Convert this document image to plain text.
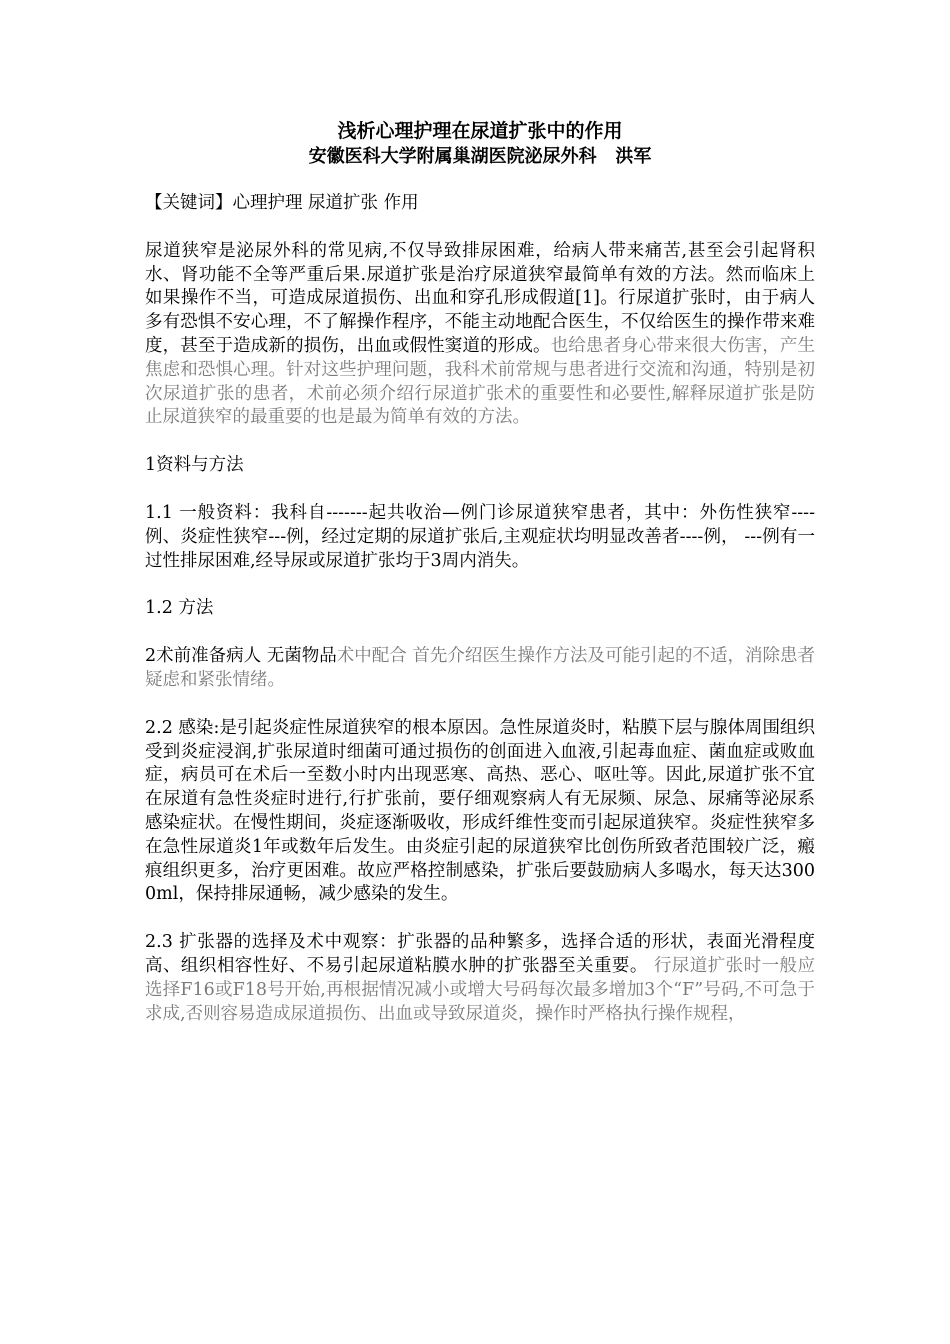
浅析心理护理在尿道扩张中的作用

安徽医科大学附属巢湖医院泌尿外科   洪军

【关键词】心理护理 尿道扩张 作用

尿道狭窄是泌尿外科的常见病,不仅导致排尿困难，给病人带来痛苦,甚至会引起肾积水、肾功能不全等严重后果.尿道扩张是治疗尿道狭窄最简单有效的方法。然而临床上如果操作不当，可造成尿道损伤、出血和穿孔形成假道[1]。行尿道扩张时，由于病人多有恐惧不安心理，不了解操作程序，不能主动地配合医生，不仅给医生的操作带来难度，甚至于造成新的损伤，出血或假性窦道的形成。也给患者身心带来很大伤害，产生焦虑和恐惧心理。针对这些护理问题，我科术前常规与患者进行交流和沟通，特别是初次尿道扩张的患者，术前必须介绍行尿道扩张术的重要性和必要性,解释尿道扩张是防止尿道狭窄的最重要的也是最为简单有效的方法。

1资料与方法

1.1 一般资料：我科自-------起共收治—例门诊尿道狭窄患者，其中：外伤性狭窄----例、炎症性狭窄---例，经过定期的尿道扩张后,主观症状均明显改善者----例， ---例有一过性排尿困难,经导尿或尿道扩张均于3周内消失。

1.2 方法

2术前准备病人 无菌物品术中配合 首先介绍医生操作方法及可能引起的不适，消除患者疑虑和紧张情绪。

2.2 感染:是引起炎症性尿道狭窄的根本原因。急性尿道炎时，粘膜下层与腺体周围组织受到炎症浸润,扩张尿道时细菌可通过损伤的创面进入血液,引起毒血症、菌血症或败血症，病员可在术后一至数小时内出现恶寒、高热、恶心、呕吐等。因此,尿道扩张不宜在尿道有急性炎症时进行,行扩张前，要仔细观察病人有无尿频、尿急、尿痛等泌尿系感染症状。在慢性期间，炎症逐渐吸收，形成纤维性变而引起尿道狭窄。炎症性狭窄多在急性尿道炎1年或数年后发生。由炎症引起的尿道狭窄比创伤所致者范围较广泛，瘢痕组织更多，治疗更困难。故应严格控制感染，扩张后要鼓励病人多喝水，每天达3000ml，保持排尿通畅，减少感染的发生。

2.3 扩张器的选择及术中观察：扩张器的品种繁多，选择合适的形状，表面光滑程度高、组织相容性好、不易引起尿道粘膜水肿的扩张器至关重要。 行尿道扩张时一般应选择F16或F18号开始,再根据情况减小或增大号码每次最多增加3个“F”号码,不可急于求成,否则容易造成尿道损伤、出血或导致尿道炎，操作时严格执行操作规程，
